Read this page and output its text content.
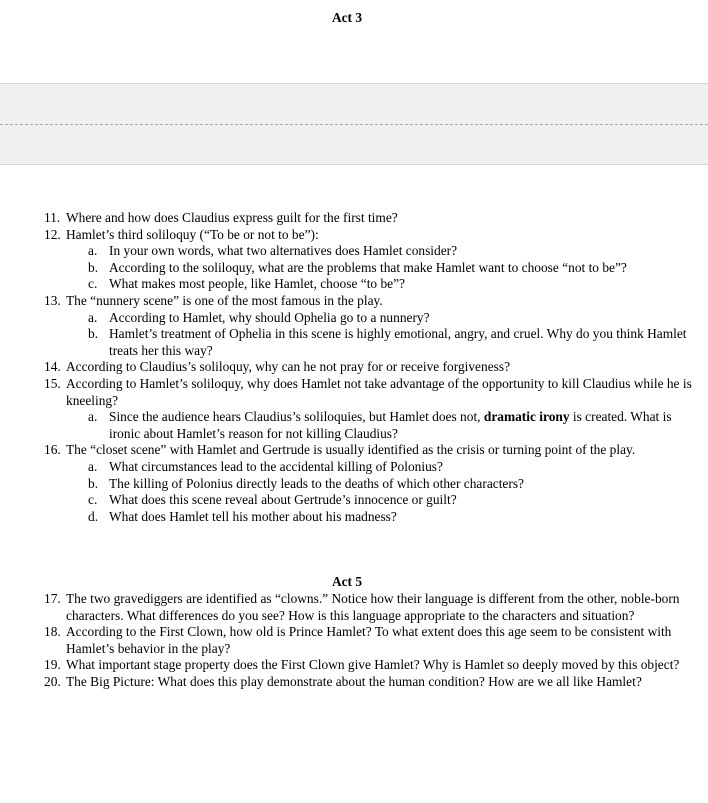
Act 3
11. Where and how does Claudius express guilt for the first time?
12. Hamlet’s third soliloquy (“To be or not to be”):
a. In your own words, what two alternatives does Hamlet consider?
b. According to the soliloquy, what are the problems that make Hamlet want to choose “not to be”?
c. What makes most people, like Hamlet, choose “to be”?
13. The “nunnery scene” is one of the most famous in the play.
a. According to Hamlet, why should Ophelia go to a nunnery?
b. Hamlet’s treatment of Ophelia in this scene is highly emotional, angry, and cruel. Why do you think Hamlet treats her this way?
14. According to Claudius’s soliloquy, why can he not pray for or receive forgiveness?
15. According to Hamlet’s soliloquy, why does Hamlet not take advantage of the opportunity to kill Claudius while he is kneeling?
a. Since the audience hears Claudius’s soliloquies, but Hamlet does not, dramatic irony is created. What is ironic about Hamlet’s reason for not killing Claudius?
16. The “closet scene” with Hamlet and Gertrude is usually identified as the crisis or turning point of the play.
a. What circumstances lead to the accidental killing of Polonius?
b. The killing of Polonius directly leads to the deaths of which other characters?
c. What does this scene reveal about Gertrude’s innocence or guilt?
d. What does Hamlet tell his mother about his madness?
Act 5
17. The two gravediggers are identified as “clowns.” Notice how their language is different from the other, noble-born characters. What differences do you see? How is this language appropriate to the characters and situation?
18. According to the First Clown, how old is Prince Hamlet? To what extent does this age seem to be consistent with Hamlet’s behavior in the play?
19. What important stage property does the First Clown give Hamlet? Why is Hamlet so deeply moved by this object?
20. The Big Picture: What does this play demonstrate about the human condition? How are we all like Hamlet?
